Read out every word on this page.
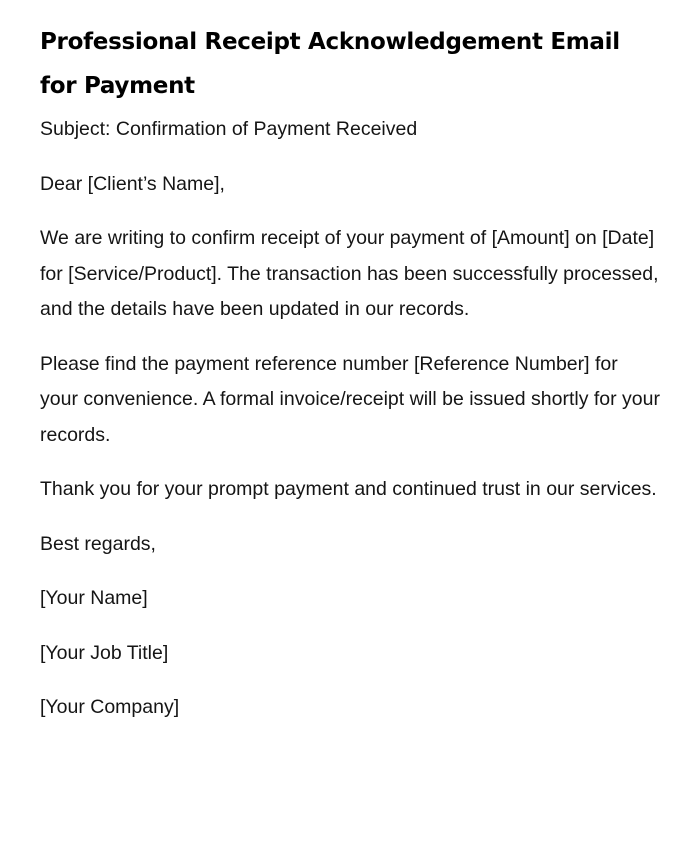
Professional Receipt Acknowledgement Email for Payment

Subject: Confirmation of Payment Received

Dear [Client’s Name],

We are writing to confirm receipt of your payment of [Amount] on [Date] for [Service/Product]. The transaction has been successfully processed, and the details have been updated in our records.

Please find the payment reference number [Reference Number] for your convenience. A formal invoice/receipt will be issued shortly for your records.

Thank you for your prompt payment and continued trust in our services.

Best regards,

[Your Name]

[Your Job Title]

[Your Company]
